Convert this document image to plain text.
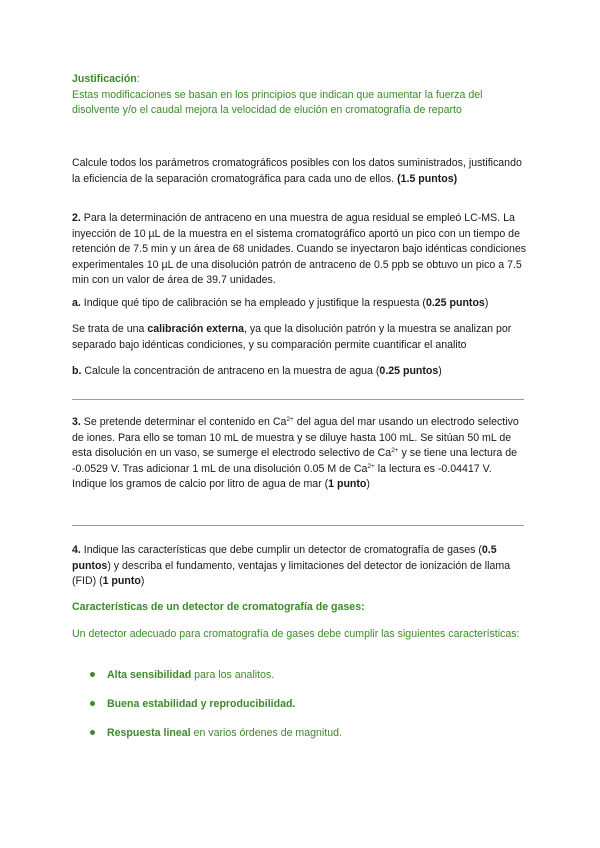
Justificación:
Estas modificaciones se basan en los principios que indican que aumentar la fuerza del disolvente y/o el caudal mejora la velocidad de elución en cromatografía de reparto
Calcule todos los parámetros cromatográficos posibles con los datos suministrados, justificando la eficiencia de la separación cromatográfica para cada uno de ellos. (1.5 puntos)
2. Para la determinación de antraceno en una muestra de agua residual se empleó LC-MS. La inyección de 10 µL de la muestra en el sistema cromatográfico aportó un pico con un tiempo de retención de 7.5 min y un área de 68 unidades. Cuando se inyectaron bajo idénticas condiciones experimentales 10 µL de una disolución patrón de antraceno de 0.5 ppb se obtuvo un pico a 7.5 min con un valor de área de 39.7 unidades.
a. Indique qué tipo de calibración se ha empleado y justifique la respuesta (0.25 puntos)
Se trata de una calibración externa, ya que la disolución patrón y la muestra se analizan por separado bajo idénticas condiciones, y su comparación permite cuantificar el analito
b. Calcule la concentración de antraceno en la muestra de agua (0.25 puntos)
3. Se pretende determinar el contenido en $Ca^{2+}$ del agua del mar usando un electrodo selectivo de iones. Para ello se toman 10 mL de muestra y se diluye hasta 100 mL. Se sitúan 50 mL de esta disolución en un vaso, se sumerge el electrodo selectivo de $Ca^{2+}$ y se tiene una lectura de -0.0529 V. Tras adicionar 1 mL de una disolución 0.05 M de $Ca^{2+}$ la lectura es -0.04417 V.
Indique los gramos de calcio por litro de agua de mar (1 punto)
4. Indique las características que debe cumplir un detector de cromatografía de gases (0.5 puntos) y describa el fundamento, ventajas y limitaciones del detector de ionización de llama (FID) (1 punto)
Características de un detector de cromatografía de gases:
Un detector adecuado para cromatografía de gases debe cumplir las siguientes características:
Alta sensibilidad para los analitos.
Buena estabilidad y reproducibilidad.
Respuesta lineal en varios órdenes de magnitud.
